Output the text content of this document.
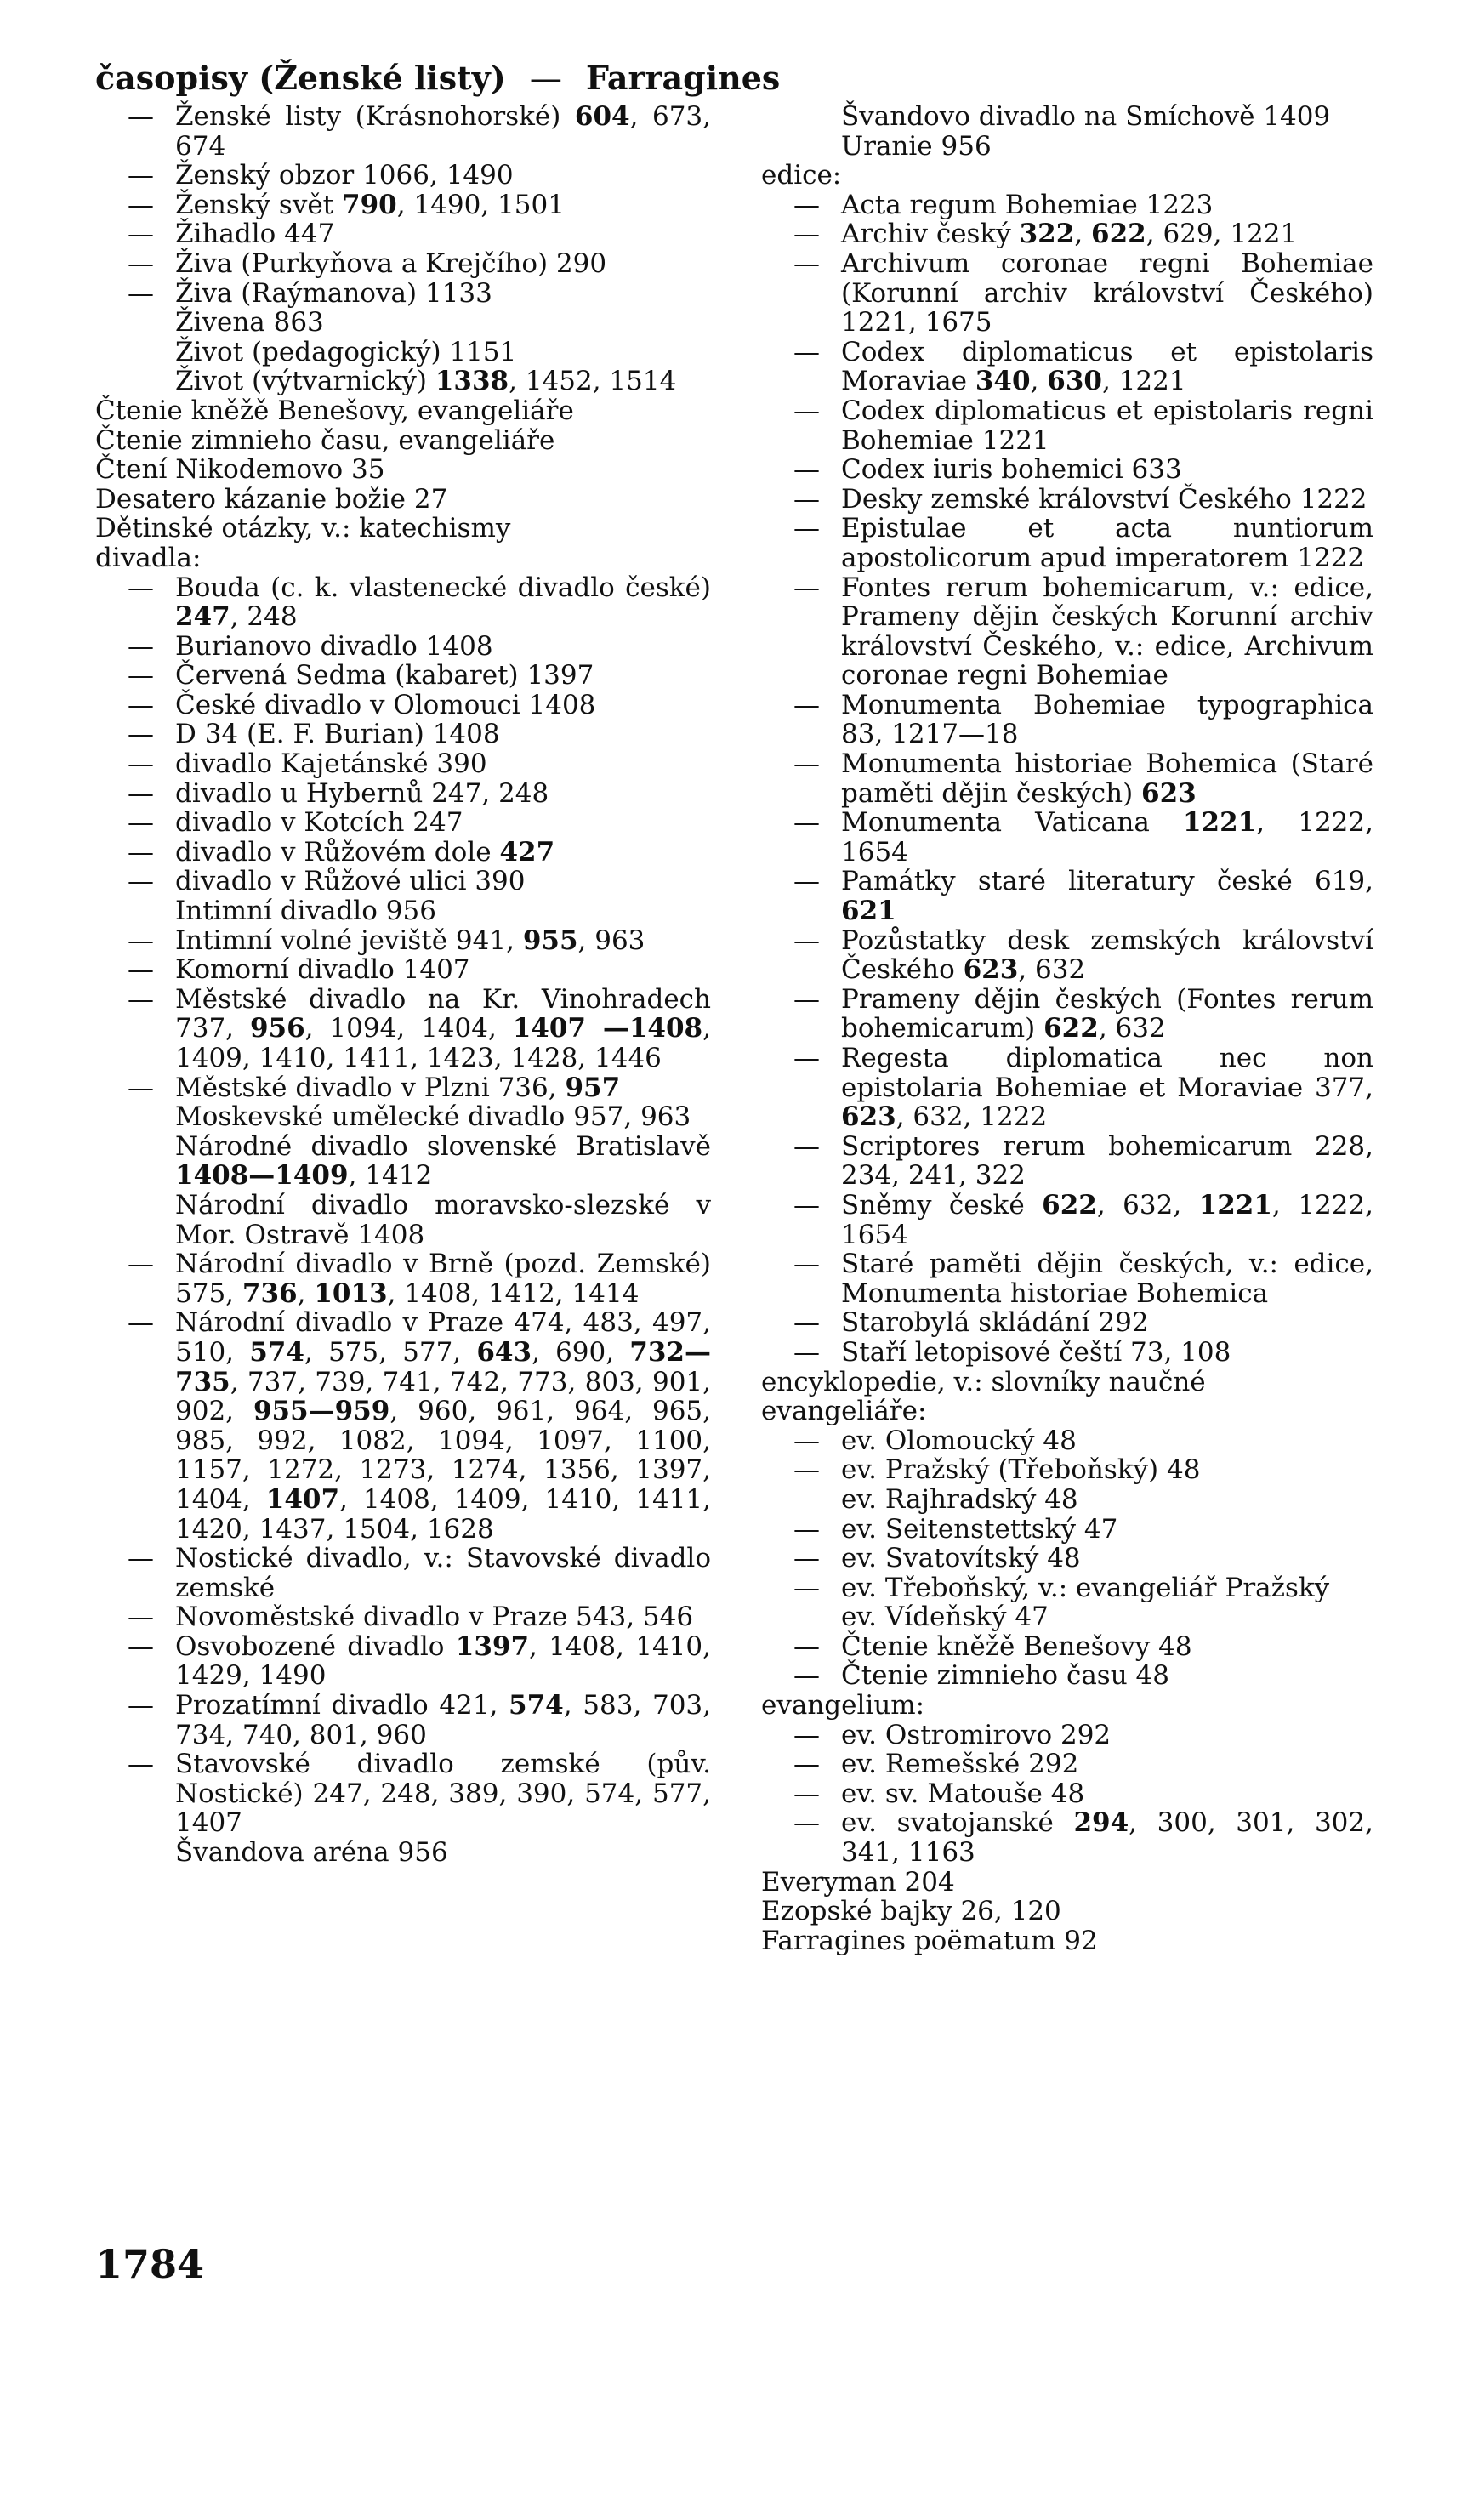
časopisy (Ženské listy) — Farragines
— Ženské listy (Krásnohorské) 604, 673, 674
— Ženský obzor 1066, 1490
— Ženský svět 790, 1490, 1501
— Žihadlo 447
— Živa (Purkyňova a Krejčího) 290
— Živa (Raýmanova) 1133
Živena 863
Život (pedagogický) 1151
Život (výtvarnický) 1338, 1452, 1514
Čtenie kněžě Benešovy, evangeliáře
Čtenie zimnieho času, evangeliáře
Čtení Nikodemovo 35
Desatero kázanie božie 27
Dětinské otázky, v.: katechismy
divadla:
— Bouda (c. k. vlastenecké divadlo české) 247, 248
— Burianovo divadlo 1408
— Červená Sedma (kabaret) 1397
— České divadlo v Olomouci 1408
— D 34 (E. F. Burian) 1408
— divadlo Kajetánské 390
— divadlo u Hybernů 247, 248
— divadlo v Kotcích 247
— divadlo v Růžovém dole 427
— divadlo v Růžové ulici 390
Intimní divadlo 956
— Intimní volné jeviště 941, 955, 963
— Komorní divadlo 1407
— Městské divadlo na Kr. Vinohradech 737, 956, 1094, 1404, 1407 —1408, 1409, 1410, 1411, 1423, 1428, 1446
— Městské divadlo v Plzni 736, 957
Moskevské umělecké divadlo 957, 963
Národné divadlo slovenské Bratislavě 1408—1409, 1412
Národní divadlo moravsko-slezské v Mor. Ostravě 1408
— Národní divadlo v Brně (pozd. Zemské) 575, 736, 1013, 1408, 1412, 1414
— Národní divadlo v Praze 474, 483, 497, 510, 574, 575, 577, 643, 690, 732—735, 737, 739, 741, 742, 773, 803, 901, 902, 955—959, 960, 961, 964, 965, 985, 992, 1082, 1094, 1097, 1100, 1157, 1272, 1273, 1274, 1356, 1397, 1404, 1407, 1408, 1409, 1410, 1411, 1420, 1437, 1504, 1628
— Nostické divadlo, v.: Stavovské divadlo zemské
— Novoměstské divadlo v Praze 543, 546
— Osvobozené divadlo 1397, 1408, 1410, 1429, 1490
— Prozatímní divadlo 421, 574, 583, 703, 734, 740, 801, 960
— Stavovské divadlo zemské (pův. Nostické) 247, 248, 389, 390, 574, 577, 1407
Švandova aréna 956
Švandovo divadlo na Smíchově 1409
Uranie 956
edice:
— Acta regum Bohemiae 1223
— Archiv český 322, 622, 629, 1221
— Archivum coronae regni Bohemiae (Korunní archiv království Českého) 1221, 1675
— Codex diplomaticus et epistolaris Moraviae 340, 630, 1221
— Codex diplomaticus et epistolaris regni Bohemiae 1221
— Codex iuris bohemici 633
— Desky zemské království Českého 1222
— Epistulae et acta nuntiorum apostolicorum apud imperatorem 1222
— Fontes rerum bohemicarum, v.: edice, Prameny dějin českých Korunní archiv království Českého, v.: edice, Archivum coronae regni Bohemiae
— Monumenta Bohemiae typographica 83, 1217—18
— Monumenta historiae Bohemica (Staré paměti dějin českých) 623
— Monumenta Vaticana 1221, 1222, 1654
— Památky staré literatury české 619, 621
— Pozůstatky desk zemských království Českého 623, 632
— Prameny dějin českých (Fontes rerum bohemicarum) 622, 632
— Regesta diplomatica nec non epistolaria Bohemiae et Moraviae 377, 623, 632, 1222
— Scriptores rerum bohemicarum 228, 234, 241, 322
— Sněmy české 622, 632, 1221, 1222, 1654
— Staré paměti dějin českých, v.: edice, Monumenta historiae Bohemica
— Starobylá skládání 292
— Staří letopisové čeští 73, 108
encyklopedie, v.: slovníky naučné
evangeliáře:
— ev. Olomoucký 48
— ev. Pražský (Třeboňský) 48
ev. Rajhradský 48
— ev. Seitenstettský 47
— ev. Svatovítský 48
— ev. Třeboňský, v.: evangeliář Pražský
ev. Vídeňský 47
— Čtenie kněžě Benešovy 48
— Čtenie zimnieho času 48
evangelium:
— ev. Ostromirovo 292
— ev. Remešské 292
— ev. sv. Matouše 48
— ev. svatojanské 294, 300, 301, 302, 341, 1163
Everyman 204
Ezopské bajky 26, 120
Farragines poëmatum 92
1784
